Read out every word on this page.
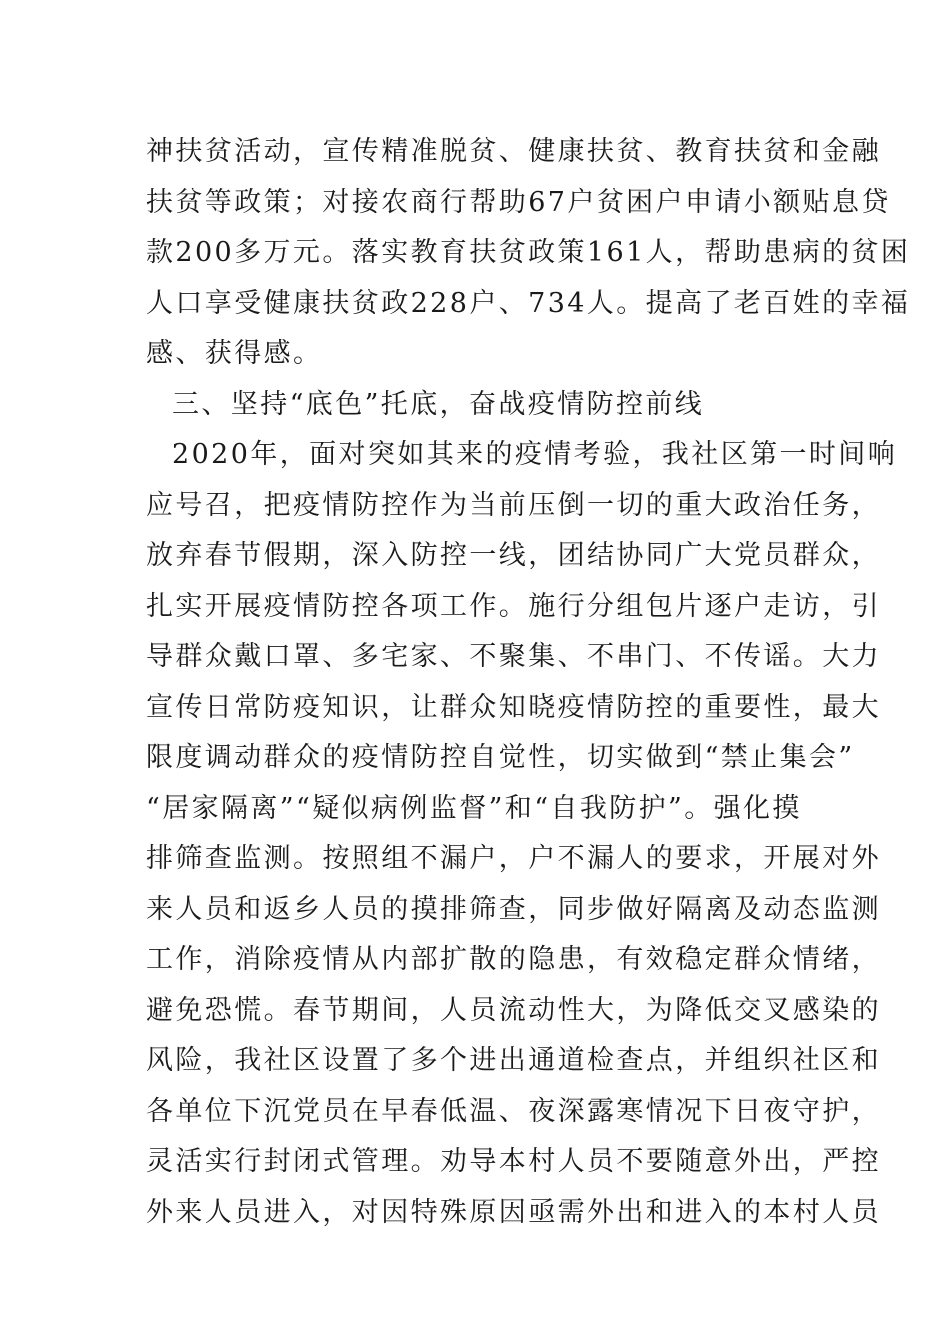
神扶贫活动，宣传精准脱贫、健康扶贫、教育扶贫和金融
扶贫等政策；对接农商行帮助67户贫困户申请小额贴息贷
款200多万元。落实教育扶贫政策161人，帮助患病的贫困
人口享受健康扶贫政228户、734人。提高了老百姓的幸福
感、获得感。
三、坚持“底色”托底，奋战疫情防控前线
2020年，面对突如其来的疫情考验，我社区第一时间响
应号召，把疫情防控作为当前压倒一切的重大政治任务，
放弃春节假期，深入防控一线，团结协同广大党员群众，
扎实开展疫情防控各项工作。施行分组包片逐户走访，引
导群众戴口罩、多宅家、不聚集、不串门、不传谣。大力
宣传日常防疫知识，让群众知晓疫情防控的重要性，最大
限度调动群众的疫情防控自觉性，切实做到“禁止集会”
“居家隔离”“疑似病例监督”和“自我防护”。强化摸
排筛查监测。按照组不漏户，户不漏人的要求，开展对外
来人员和返乡人员的摸排筛查，同步做好隔离及动态监测
工作，消除疫情从内部扩散的隐患，有效稳定群众情绪，
避免恐慌。春节期间，人员流动性大，为降低交叉感染的
风险，我社区设置了多个进出通道检查点，并组织社区和
各单位下沉党员在早春低温、夜深露寒情况下日夜守护，
灵活实行封闭式管理。劝导本村人员不要随意外出，严控
外来人员进入，对因特殊原因亟需外出和进入的本村人员
